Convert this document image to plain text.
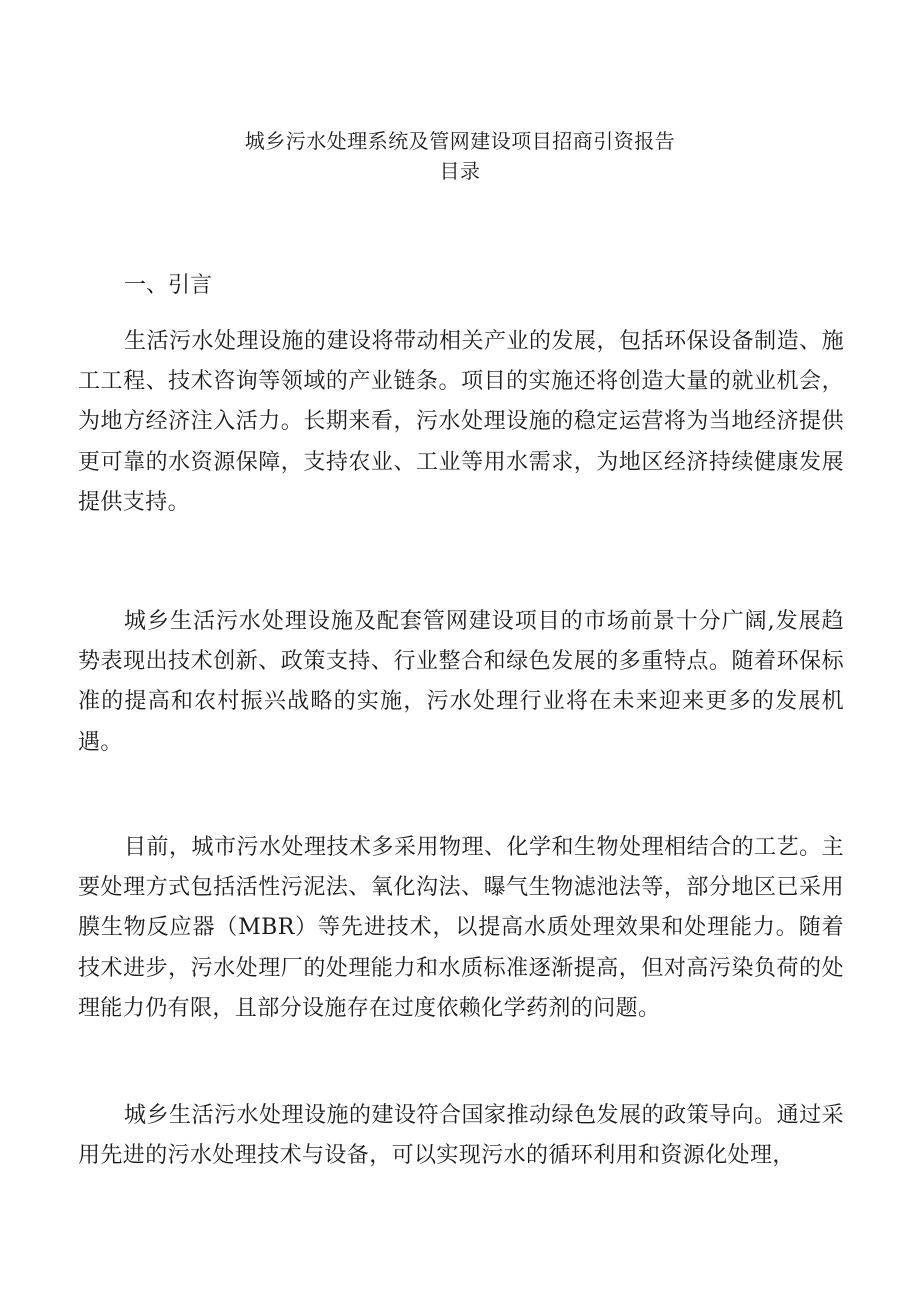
城乡污水处理系统及管网建设项目招商引资报告
目录
一、引言

生活污水处理设施的建设将带动相关产业的发展，包括环保设备制造、施工工程、技术咨询等领域的产业链条。项目的实施还将创造大量的就业机会，为地方经济注入活力。长期来看，污水处理设施的稳定运营将为当地经济提供更可靠的水资源保障，支持农业、工业等用水需求，为地区经济持续健康发展提供支持。

城乡生活污水处理设施及配套管网建设项目的市场前景十分广阔,发展趋势表现出技术创新、政策支持、行业整合和绿色发展的多重特点。随着环保标准的提高和农村振兴战略的实施，污水处理行业将在未来迎来更多的发展机遇。

目前，城市污水处理技术多采用物理、化学和生物处理相结合的工艺。主要处理方式包括活性污泥法、氧化沟法、曝气生物滤池法等，部分地区已采用膜生物反应器（MBR）等先进技术，以提高水质处理效果和处理能力。随着技术进步，污水处理厂的处理能力和水质标准逐渐提高，但对高污染负荷的处理能力仍有限，且部分设施存在过度依赖化学药剂的问题。

城乡生活污水处理设施的建设符合国家推动绿色发展的政策导向。通过采用先进的污水处理技术与设备，可以实现污水的循环利用和资源化处理，
